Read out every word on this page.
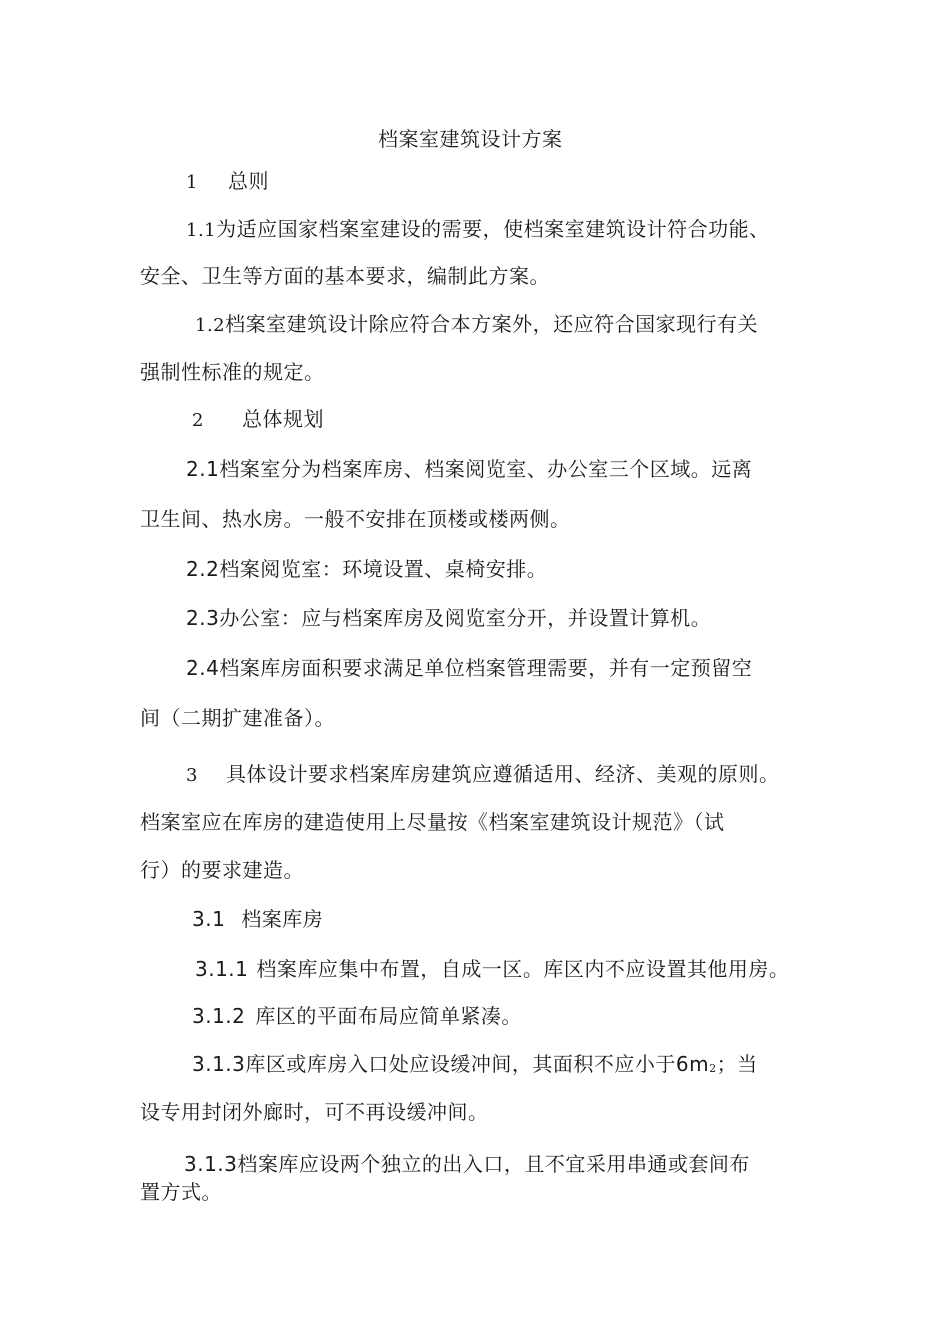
档案室建筑设计方案
1 总则
1.1为适应国家档案室建设的需要，使档案室建筑设计符合功能、
安全、卫生等方面的基本要求，编制此方案。
1.2档案室建筑设计除应符合本方案外，还应符合国家现行有关
强制性标准的规定。
2 总体规划
2.1档案室分为档案库房、档案阅览室、办公室三个区域。远离
卫生间、热水房。一般不安排在顶楼或楼两侧。
2.2档案阅览室：环境设置、桌椅安排。
2.3办公室：应与档案库房及阅览室分开，并设置计算机。
2.4档案库房面积要求满足单位档案管理需要，并有一定预留空
间（二期扩建准备）。
3 具体设计要求档案库房建筑应遵循适用、经济、美观的原则。
档案室应在库房的建造使用上尽量按《档案室建筑设计规范》（试
行）的要求建造。
3.1 档案库房
3.1.1 档案库应集中布置，自成一区。库区内不应设置其他用房。
3.1.2 库区的平面布局应简单紧凑。
3.1.3库区或库房入口处应设缓冲间，其面积不应小于$6m_2$；当
设专用封闭外廊时，可不再设缓冲间。
3.1.3档案库应设两个独立的出入口，且不宜采用串通或套间布
置方式。
